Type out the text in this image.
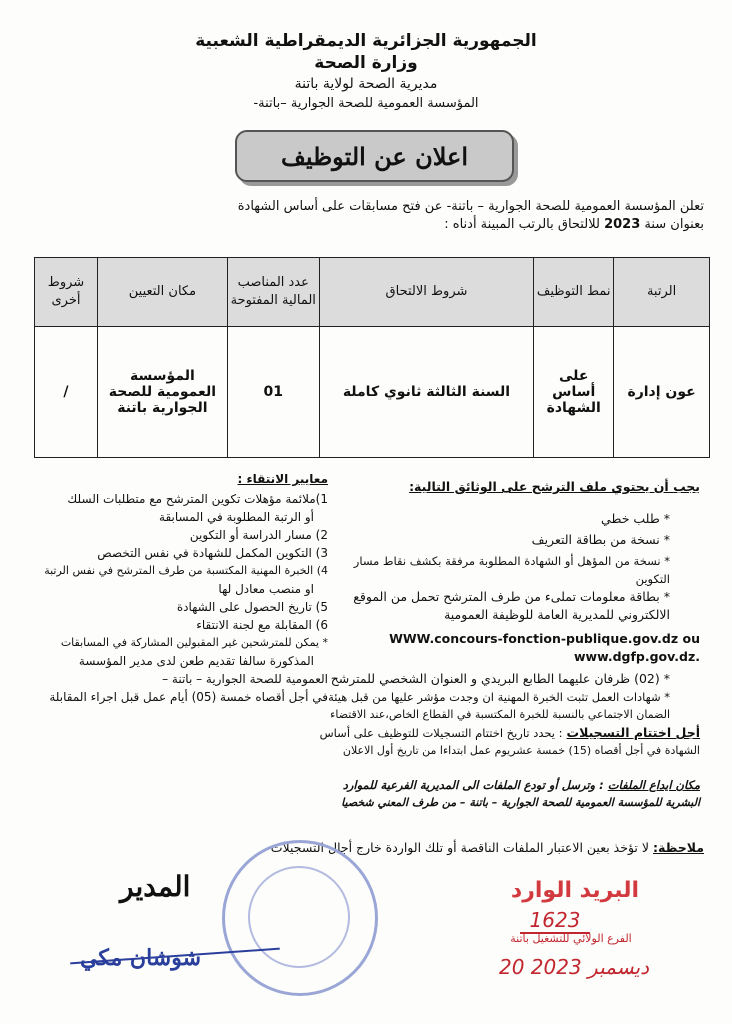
الجمهورية الجزائرية الديمقراطية الشعبية
وزارة الصحة
مديرية الصحة لولاية باتنة
المؤسسة العمومية للصحة الجوارية –باتنة-
اعلان عن التوظيف
تعلن المؤسسة العمومية للصحة الجوارية – باتنة- عن فتح مسابقات على أساس الشهادة
بعنوان سنة 2023 للالتحاق بالرتب المبينة أدناه :
الرتبة	نمط التوظيف	شروط الالتحاق	عدد المناصب المالية المفتوحة	مكان التعيين	شروط أخرى
عون إدارة	على أساس الشهادة	السنة الثالثة ثانوي كاملة	01	المؤسسة العمومية للصحة الجوارية باتنة	/
يجب أن يحتوي ملف الترشح على الوثائق التالية:
* طلب خطي
* نسخة من بطاقة التعريف
* نسخة من المؤهل أو الشهادة المطلوبة مرفقة بكشف نقاط مسار التكوين
* بطاقة معلومات تملىء من طرف المترشح تحمل من الموقع
الالكتروني للمديرية العامة للوظيفة العمومية
WWW.concours-fonction-publique.gov.dz ou
www.dgfp.gov.dz.
* (02) ظرفان عليهما الطابع البريدي و العنوان الشخصي للمترشح
* شهادات العمل تثبت الخبرة المهنية ان وجدت مؤشر عليها من قبل هيئة
الضمان الاجتماعي بالنسبة للخبرة المكتسبة في القطاع الخاص،عند الاقتضاء
أجل اختتام التسجيلات : يحدد تاريخ اختتام التسجيلات للتوظيف على أساس
الشهادة في أجل أقصاه (15) خمسة عشريوم عمل ابتداءا من تاريخ أول الاعلان
مكان ايداع الملفات : وترسل أو تودع الملفات الى المديرية الفرعية للموارد
البشرية للمؤسسة العمومية للصحة الجوارية – باتنة – من طرف المعني شخصيا
معايير الانتقاء :
1)ملائمة مؤهلات تكوين المترشح مع متطلبات السلك
أو الرتبة المطلوبة في المسابقة
2) مسار الدراسة أو التكوين
3) التكوين المكمل للشهادة في نفس التخصص
4) الخبرة المهنية المكتسبة من طرف المترشح في نفس الرتبة
او منصب معادل لها
5) تاريخ الحصول على الشهادة
6) المقابلة مع لجنة الانتقاء
* يمكن للمترشحين غير المقبولين المشاركة في المسابقات
المذكورة سالفا تقديم طعن لدى مدير المؤسسة
العمومية للصحة الجوارية – باتنة –
في أجل أقصاه خمسة (05) أيام عمل قبل اجراء المقابلة
ملاحظة: لا تؤخذ بعين الاعتبار الملفات الناقصة أو تلك الواردة خارج أجال التسجيلات
المدير
شوشان مكي
البريد الوارد
1623
الفرع الولائي للتشغيل باتنة
20 ديسمبر 2023
